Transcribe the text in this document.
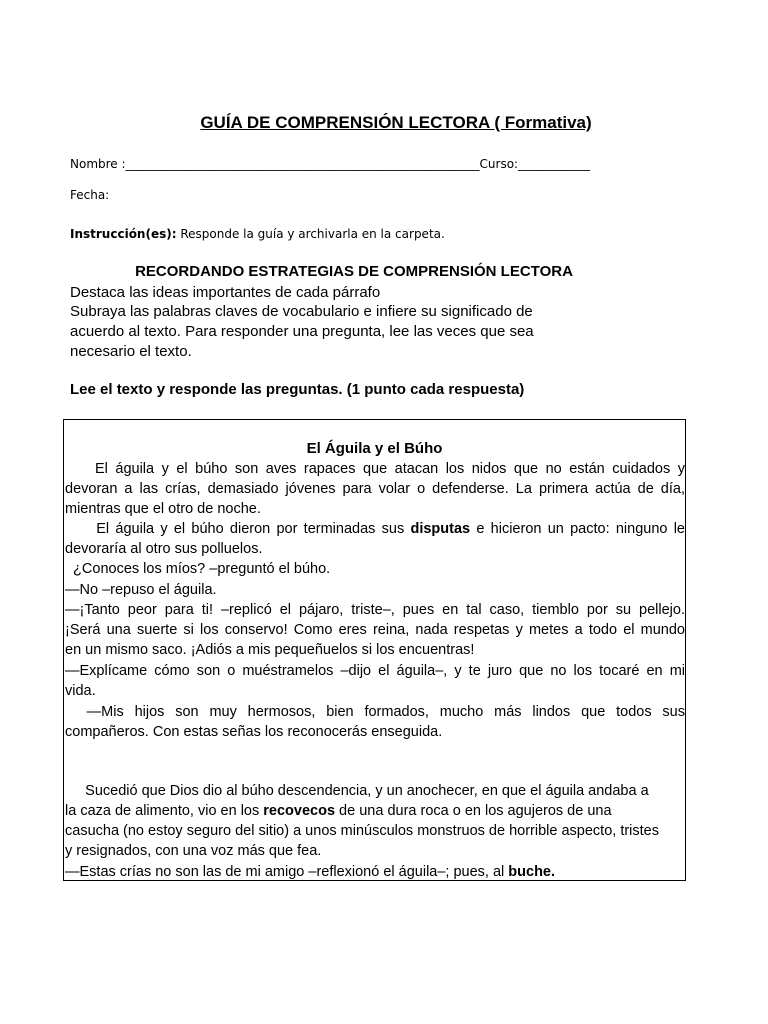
GUÍA DE COMPRENSIÓN LECTORA ( Formativa)
Nombre :___________________________________________________________Curso:____________
Fecha:
Instrucción(es): Responde la guía y archivarla en la carpeta.
RECORDANDO ESTRATEGIAS DE COMPRENSIÓN LECTORA
Destaca las ideas importantes de cada párrafo
Subraya las palabras claves de vocabulario e infiere su significado de
acuerdo al texto. Para responder una pregunta, lee las veces que sea
necesario el texto.
Lee el texto y responde las preguntas. (1 punto cada respuesta)
El Águila y el Búho
El águila y el búho son aves rapaces que atacan los nidos que no están cuidados y
devoran a las crías, demasiado jóvenes para volar o defenderse. La primera actúa de día,
mientras que el otro de noche.
El águila y el búho dieron por terminadas sus disputas e hicieron un pacto: ninguno le
devoraría al otro sus polluelos.
¿Conoces los míos? –preguntó el búho.
—No –repuso el águila.
—¡Tanto peor para ti! –replicó el pájaro, triste–, pues en tal caso, tiemblo por su pellejo.
¡Será una suerte si los conservo! Como eres reina, nada respetas y metes a todo el mundo
en un mismo saco. ¡Adiós a mis pequeñuelos si los encuentras!
—Explícame cómo son o muéstramelos –dijo el águila–, y te juro que no los tocaré en mi
vida.
—Mis hijos son muy hermosos, bien formados, mucho más lindos que todos sus
compañeros. Con estas señas los reconocerás enseguida.
Sucedió que Dios dio al búho descendencia, y un anochecer, en que el águila andaba a
la caza de alimento, vio en los recovecos de una dura roca o en los agujeros de una
casucha (no estoy seguro del sitio) a unos minúsculos monstruos de horrible aspecto, tristes
y resignados, con una voz más que fea.
—Estas crías no son las de mi amigo –reflexionó el águila–; pues, al buche.
